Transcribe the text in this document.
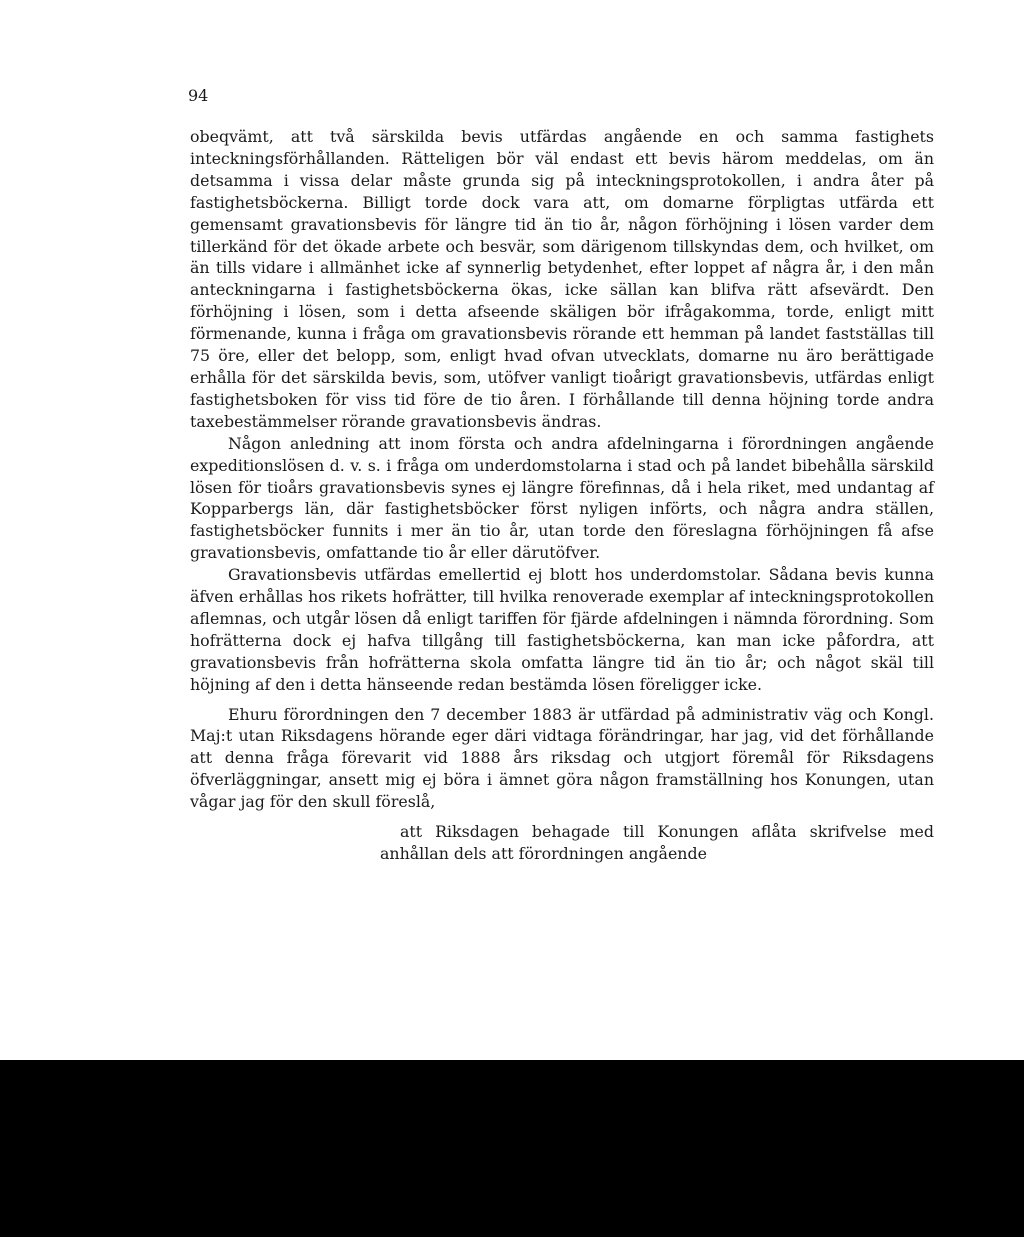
94

obeqvämt, att två särskilda bevis utfärdas angående en och samma fastighets inteckningsförhållanden. Rätteligen bör väl endast ett bevis härom meddelas, om än detsamma i vissa delar måste grunda sig på inteckningsprotokollen, i andra åter på fastighetsböckerna. Billigt torde dock vara att, om domarne förpligtas utfärda ett gemensamt gravationsbevis för längre tid än tio år, någon förhöjning i lösen varder dem tillerkänd för det ökade arbete och besvär, som därigenom tillskyndas dem, och hvilket, om än tills vidare i allmänhet icke af synnerlig betydenhet, efter loppet af några år, i den mån anteckningarna i fastighetsböckerna ökas, icke sällan kan blifva rätt afsevärdt. Den förhöjning i lösen, som i detta afseende skäligen bör ifrågakomma, torde, enligt mitt förmenande, kunna i fråga om gravationsbevis rörande ett hemman på landet fastställas till 75 öre, eller det belopp, som, enligt hvad ofvan utvecklats, domarne nu äro berättigade erhålla för det särskilda bevis, som, utöfver vanligt tioårigt gravationsbevis, utfärdas enligt fastighetsboken för viss tid före de tio åren. I förhållande till denna höjning torde andra taxebestämmelser rörande gravationsbevis ändras.

Någon anledning att inom första och andra afdelningarna i förordningen angående expeditionslösen d. v. s. i fråga om underdomstolarna i stad och på landet bibehålla särskild lösen för tioårs gravationsbevis synes ej längre förefinnas, då i hela riket, med undantag af Kopparbergs län, där fastighetsböcker först nyligen införts, och några andra ställen, fastighetsböcker funnits i mer än tio år, utan torde den föreslagna förhöjningen få afse gravationsbevis, omfattande tio år eller därutöfver.

Gravationsbevis utfärdas emellertid ej blott hos underdomstolar. Sådana bevis kunna äfven erhållas hos rikets hofrätter, till hvilka renoverade exemplar af inteckningsprotokollen aflemnas, och utgår lösen då enligt tariffen för fjärde afdelningen i nämnda förordning. Som hofrätterna dock ej hafva tillgång till fastighetsböckerna, kan man icke påfordra, att gravationsbevis från hofrätterna skola omfatta längre tid än tio år; och något skäl till höjning af den i detta hänseende redan bestämda lösen föreligger icke.

Ehuru förordningen den 7 december 1883 är utfärdad på administrativ väg och Kongl. Maj:t utan Riksdagens hörande eger däri vidtaga förändringar, har jag, vid det förhållande att denna fråga förevarit vid 1888 års riksdag och utgjort föremål för Riksdagens öfverläggningar, ansett mig ej böra i ämnet göra någon framställning hos Konungen, utan vågar jag för den skull föreslå,

att Riksdagen behagade till Konungen aflåta skrifvelse med anhållan dels att förordningen angående
